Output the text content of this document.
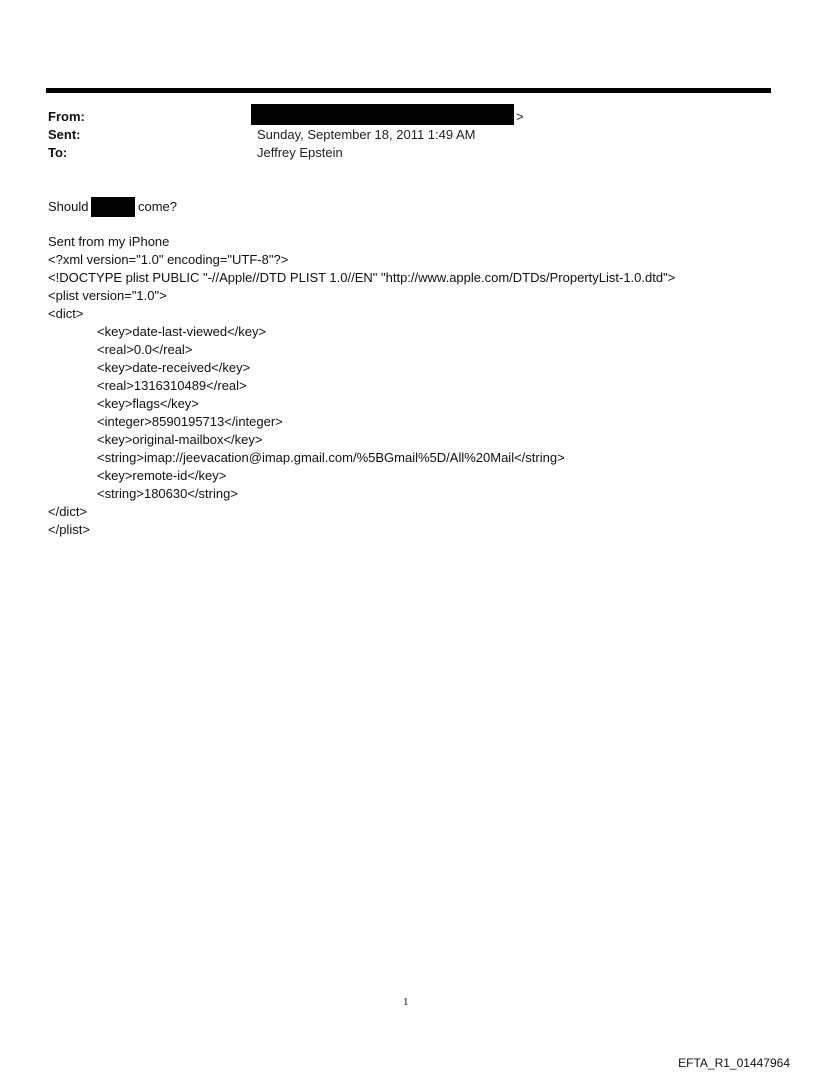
From:	>
Sent:	Sunday, September 18, 2011 1:49 AM
To:	Jeffrey Epstein
Should	come?
Sent from my iPhone
<?xml version="1.0" encoding="UTF-8"?>
<!DOCTYPE plist PUBLIC "-//Apple//DTD PLIST 1.0//EN" "http://www.apple.com/DTDs/PropertyList-1.0.dtd">
<plist version="1.0">
<dict>
<key>date-last-viewed</key>
<real>0.0</real>
<key>date-received</key>
<real>1316310489</real>
<key>flags</key>
<integer>8590195713</integer>
<key>original-mailbox</key>
<string>imap://jeevacation@imap.gmail.com/%5BGmail%5D/All%20Mail</string>
<key>remote-id</key>
<string>180630</string>
</dict>
</plist>
1
EFTA_R1_01447964
